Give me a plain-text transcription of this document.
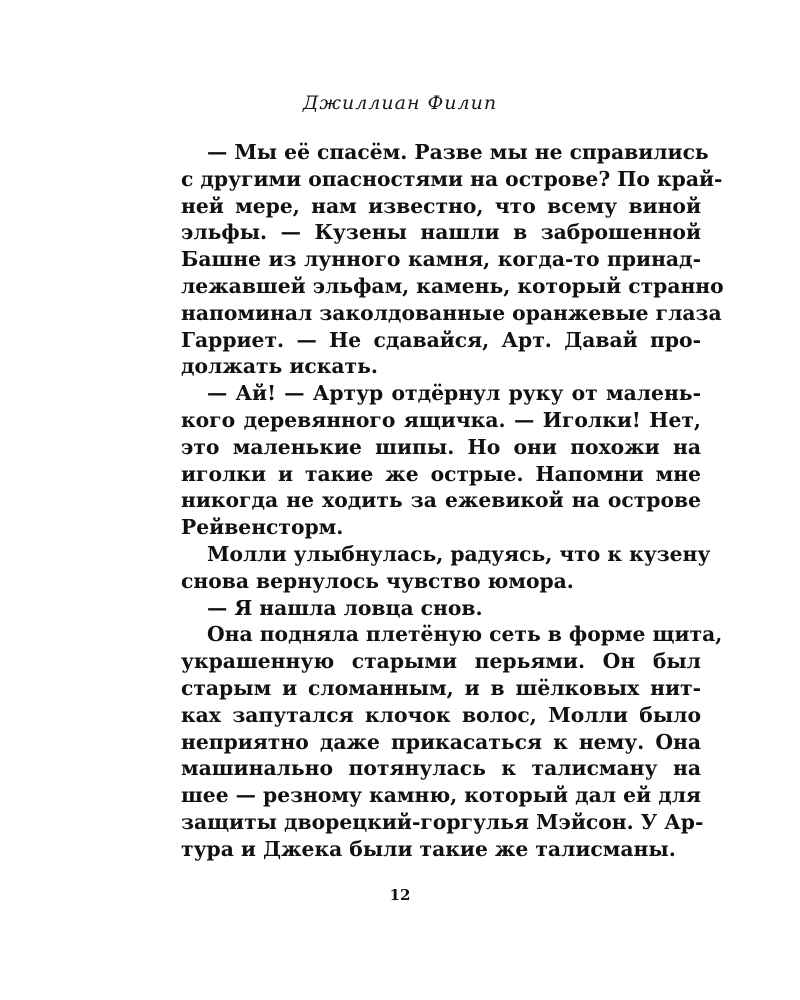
Джиллиан Филип
— Мы её спасём. Разве мы не справились
с другими опасностями на острове? По край-
ней мере, нам известно, что всему виной
эльфы. — Кузены нашли в заброшенной
Башне из лунного камня, когда-то принад-
лежавшей эльфам, камень, который странно
напоминал заколдованные оранжевые глаза
Гарриет. — Не сдавайся, Арт. Давай про-
должать искать.
— Ай! — Артур отдёрнул руку от малень-
кого деревянного ящичка. — Иголки! Нет,
это маленькие шипы. Но они похожи на
иголки и такие же острые. Напомни мне
никогда не ходить за ежевикой на острове
Рейвенсторм.
Молли улыбнулась, радуясь, что к кузену
снова вернулось чувство юмора.
— Я нашла ловца снов.
Она подняла плетёную сеть в форме щита,
украшенную старыми перьями. Он был
старым и сломанным, и в шёлковых нит-
ках запутался клочок волос, Молли было
неприятно даже прикасаться к нему. Она
машинально потянулась к талисману на
шее — резному камню, который дал ей для
защиты дворецкий-горгулья Мэйсон. У Ар-
тура и Джека были такие же талисманы.
12
